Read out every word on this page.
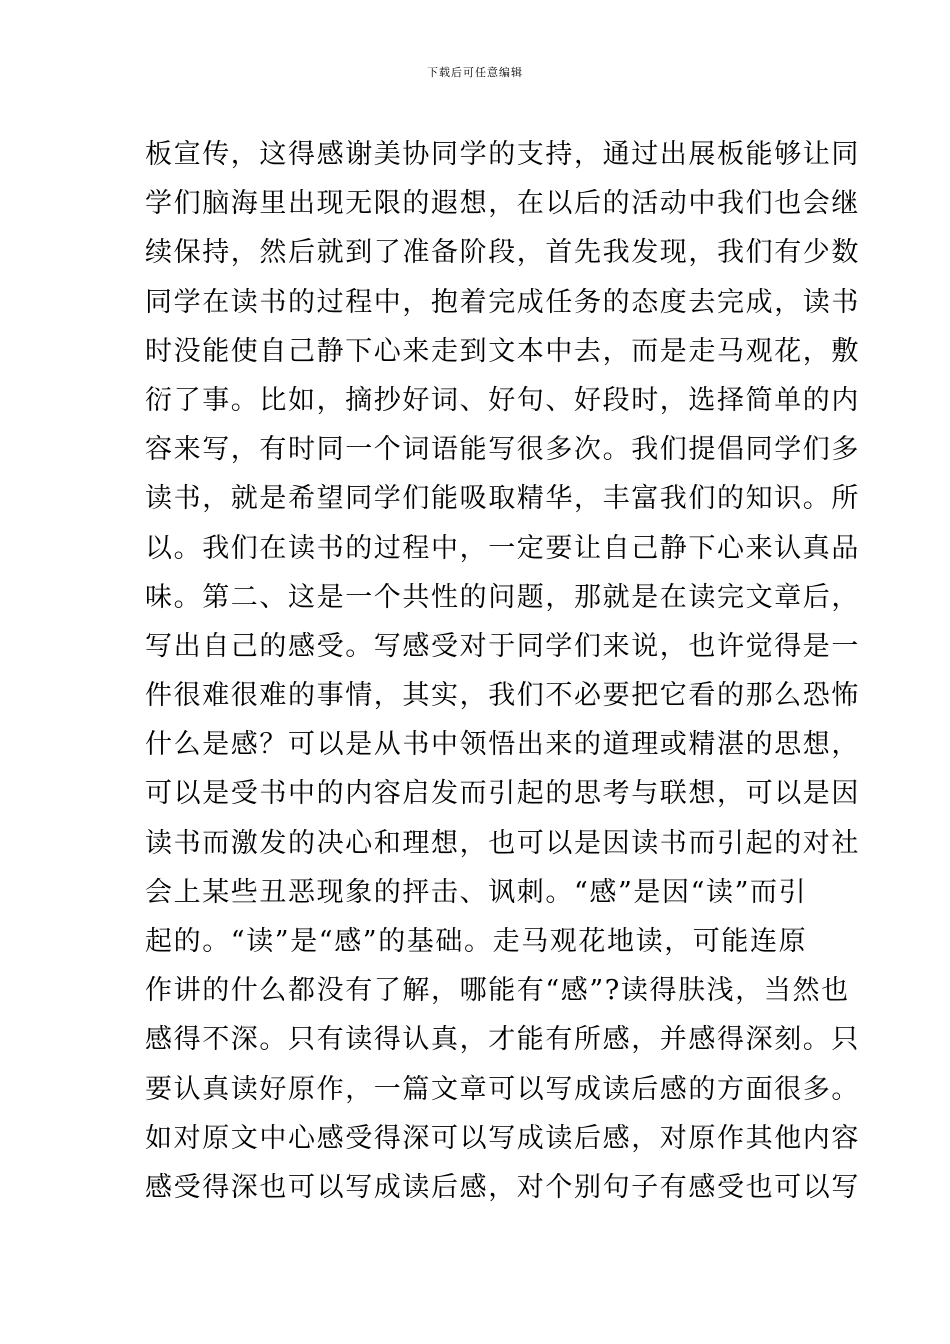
下载后可任意编辑
板宣传，这得感谢美协同学的支持，通过出展板能够让同
学们脑海里出现无限的遐想，在以后的活动中我们也会继
续保持，然后就到了准备阶段，首先我发现，我们有少数
同学在读书的过程中，抱着完成任务的态度去完成，读书
时没能使自己静下心来走到文本中去，而是走马观花，敷
衍了事。比如，摘抄好词、好句、好段时，选择简单的内
容来写，有时同一个词语能写很多次。我们提倡同学们多
读书，就是希望同学们能吸取精华，丰富我们的知识。所
以。我们在读书的过程中，一定要让自己静下心来认真品
味。第二、这是一个共性的问题，那就是在读完文章后，
写出自己的感受。写感受对于同学们来说，也许觉得是一
件很难很难的事情，其实，我们不必要把它看的那么恐怖
什么是感？可以是从书中领悟出来的道理或精湛的思想，
可以是受书中的内容启发而引起的思考与联想，可以是因
读书而激发的决心和理想，也可以是因读书而引起的对社
会上某些丑恶现象的抨击、讽刺。“感”是因“读”而引
起的。“读”是“感”的基础。走马观花地读，可能连原
作讲的什么都没有了解，哪能有“感”?读得肤浅，当然也
感得不深。只有读得认真，才能有所感，并感得深刻。只
要认真读好原作，一篇文章可以写成读后感的方面很多。
如对原文中心感受得深可以写成读后感，对原作其他内容
感受得深也可以写成读后感，对个别句子有感受也可以写
